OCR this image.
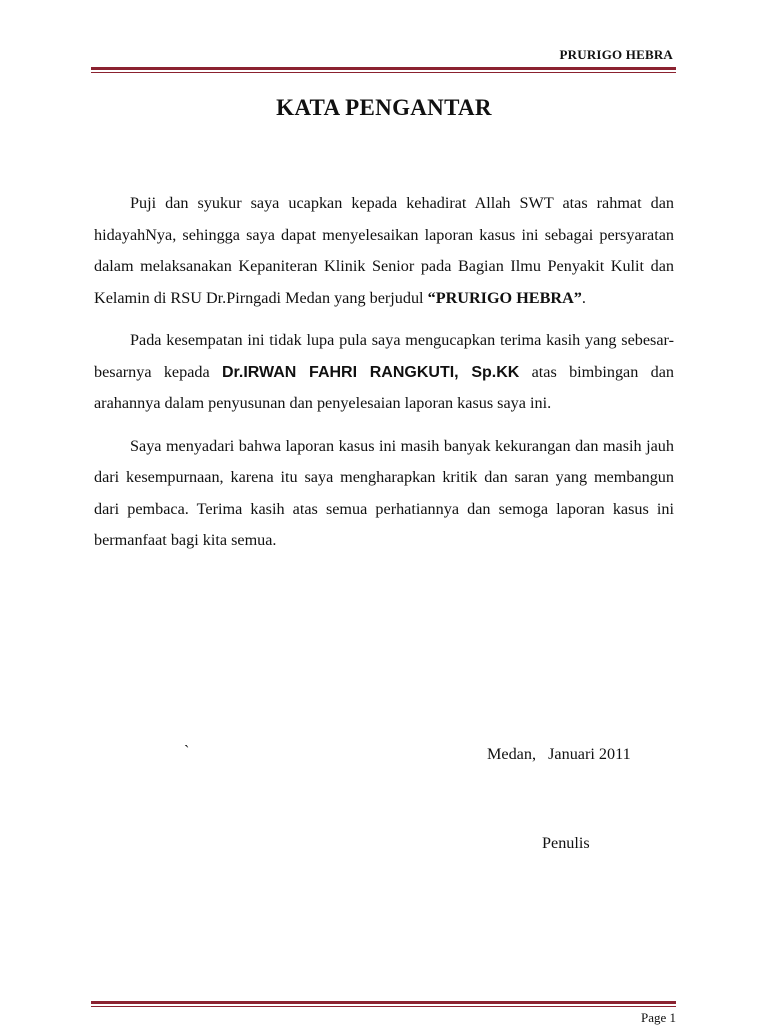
PRURIGO HEBRA
KATA PENGANTAR

Puji dan syukur saya ucapkan kepada kehadirat Allah SWT atas rahmat dan hidayahNya, sehingga saya dapat menyelesaikan laporan kasus ini sebagai persyaratan dalam melaksanakan Kepaniteran Klinik Senior pada Bagian Ilmu Penyakit Kulit dan Kelamin di RSU Dr.Pirngadi Medan yang berjudul “PRURIGO HEBRA”.

Pada kesempatan ini tidak lupa pula saya mengucapkan terima kasih yang sebesar-besarnya kepada Dr.IRWAN FAHRI RANGKUTI, Sp.KK atas bimbingan dan arahannya dalam penyusunan dan penyelesaian laporan kasus saya ini.

Saya menyadari bahwa laporan kasus ini masih banyak kekurangan dan masih jauh dari kesempurnaan, karena itu saya mengharapkan kritik dan saran yang membangun dari pembaca. Terima kasih atas semua perhatiannya dan semoga laporan kasus ini bermanfaat bagi kita semua.

`	Medan,   Januari 2011
Penulis
Page 1
